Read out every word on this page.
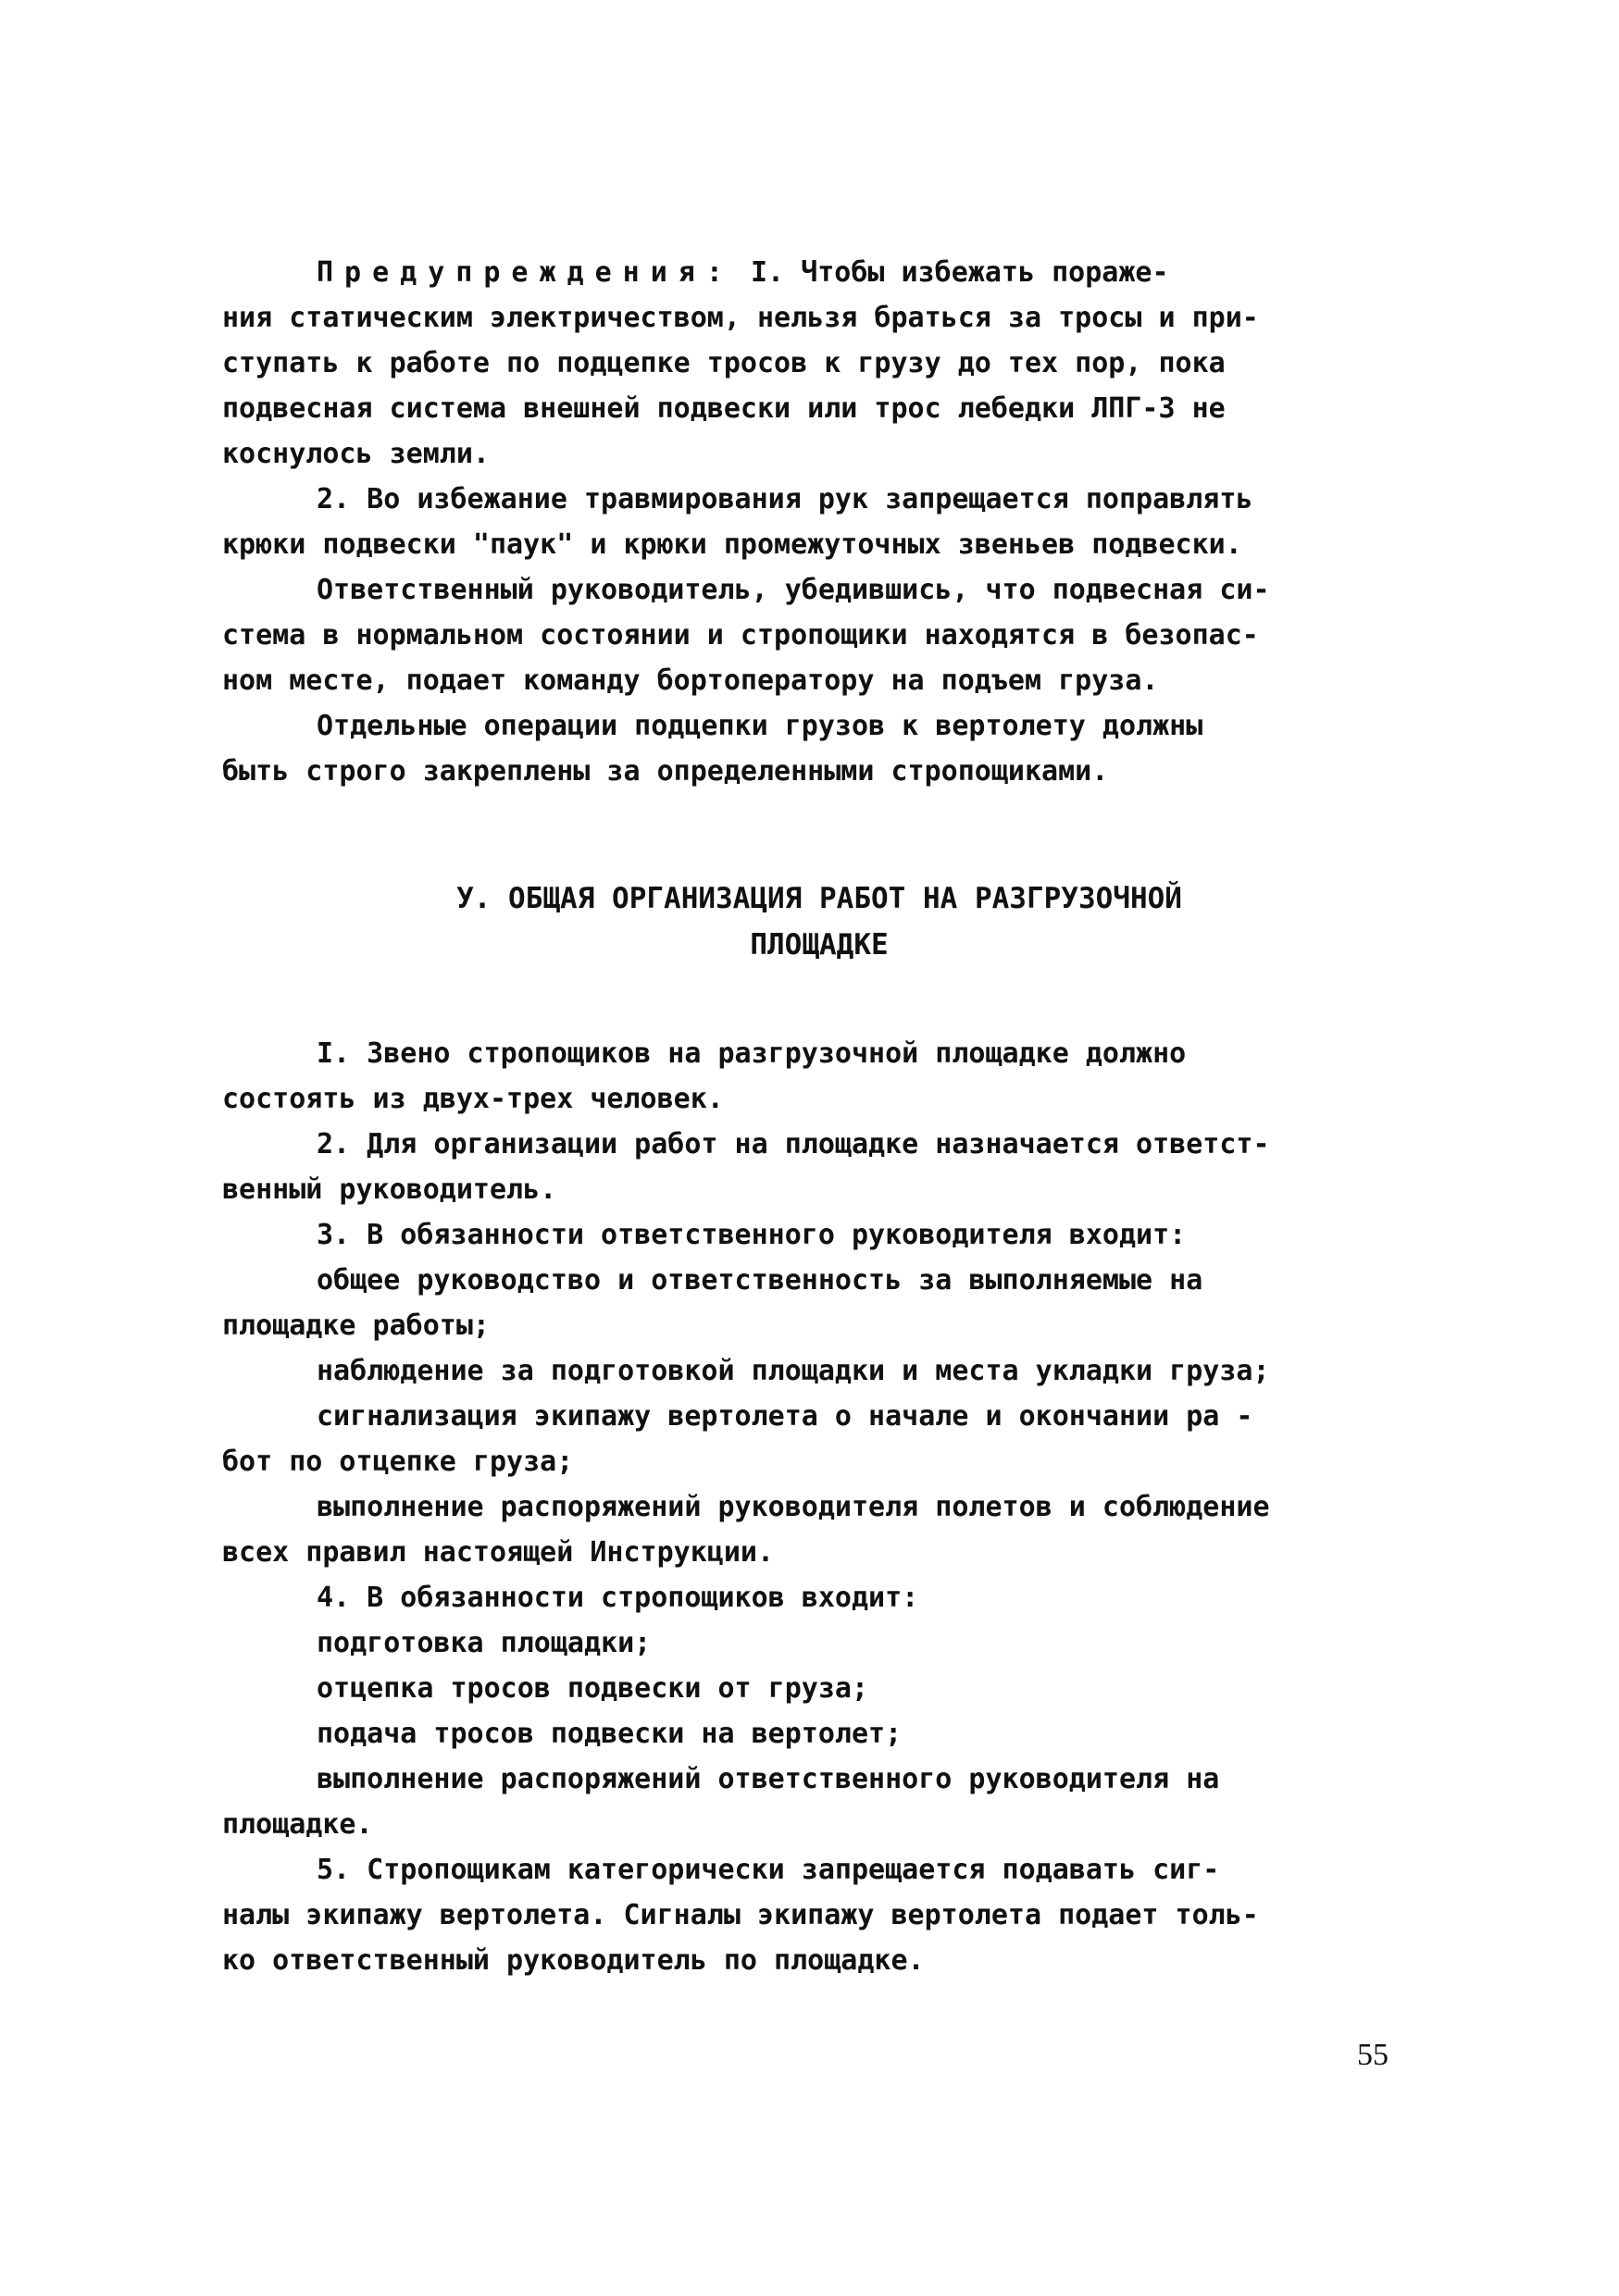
Предупреждения: I. Чтобы избежать пораже-
ния статическим электричеством, нельзя браться за тросы и при-
ступать к работе по подцепке тросов к грузу до тех пор, пока
подвесная система внешней подвески или трос лебедки ЛПГ-3 не
коснулось земли.
2. Во избежание травмирования рук запрещается поправлять
крюки подвески "паук" и крюки промежуточных звеньев подвески.
Ответственный руководитель, убедившись, что подвесная си-
стема в нормальном состоянии и стропощики находятся в безопас-
ном месте, подает команду бортоператору на подъем груза.
Отдельные операции подцепки грузов к вертолету должны
быть строго закреплены за определенными стропощиками.
У. ОБЩАЯ ОРГАНИЗАЦИЯ РАБОТ НА РАЗГРУЗОЧНОЙ
ПЛОЩАДКЕ
I. Звено стропощиков на разгрузочной площадке должно
состоять из двух-трех человек.
2. Для организации работ на площадке назначается ответст-
венный руководитель.
3. В обязанности ответственного руководителя входит:
общее руководство и ответственность за выполняемые на
площадке работы;
наблюдение за подготовкой площадки и места укладки груза;
сигнализация экипажу вертолета о начале и окончании ра -
бот по отцепке груза;
выполнение распоряжений руководителя полетов и соблюдение
всех правил настоящей Инструкции.
4. В обязанности стропощиков входит:
подготовка площадки;
отцепка тросов подвески от груза;
подача тросов подвески на вертолет;
выполнение распоряжений ответственного руководителя на
площадке.
5. Стропощикам категорически запрещается подавать сиг-
налы экипажу вертолета. Сигналы экипажу вертолета подает толь-
ко ответственный руководитель по площадке.
55
